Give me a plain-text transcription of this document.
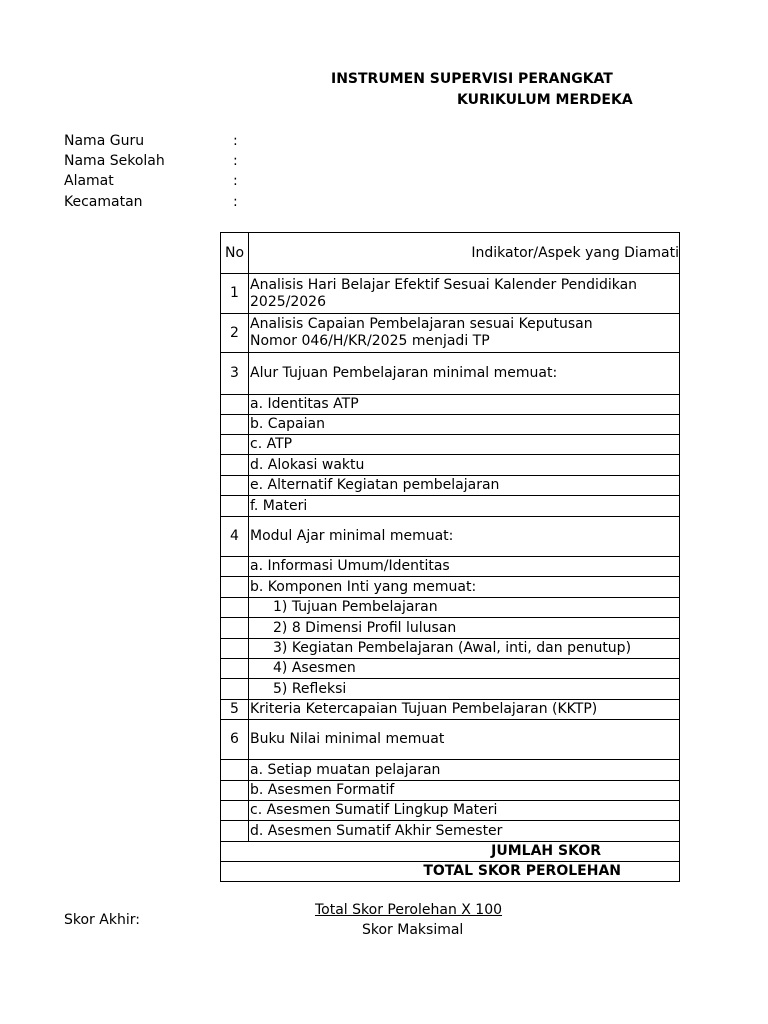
INSTRUMEN SUPERVISI PERANGKAT
KURIKULUM MERDEKA
Nama Guru	:
Nama Sekolah	:
Alamat	:
Kecamatan	:
No	Indikator/Aspek yang Diamati
1	Analisis Hari Belajar Efektif Sesuai Kalender Pendidikan
2025/2026

2	Analisis Capaian Pembelajaran sesuai Keputusan
Nomor 046/H/KR/2025 menjadi TP

3	Alur Tujuan Pembelajaran minimal memuat:
	a. Identitas ATP
	b. Capaian
	c. ATP
	d. Alokasi waktu
	e. Alternatif Kegiatan pembelajaran
	f. Materi
4	Modul Ajar minimal memuat:
	a. Informasi Umum/Identitas
	b. Komponen Inti yang memuat:
	1) Tujuan Pembelajaran
	2) 8 Dimensi Profil lulusan
	3) Kegiatan Pembelajaran (Awal, inti, dan penutup)
	4) Asesmen
	5) Refleksi
5	Kriteria Ketercapaian Tujuan Pembelajaran (KKTP)
6	Buku Nilai minimal memuat
	a. Setiap muatan pelajaran
	b. Asesmen Formatif
	c. Asesmen Sumatif Lingkup Materi
	d. Asesmen Sumatif Akhir Semester
JUMLAH SKOR	
TOTAL SKOR PEROLEHAN	
Skor Akhir:
Total Skor Perolehan X 100
Skor Maksimal
